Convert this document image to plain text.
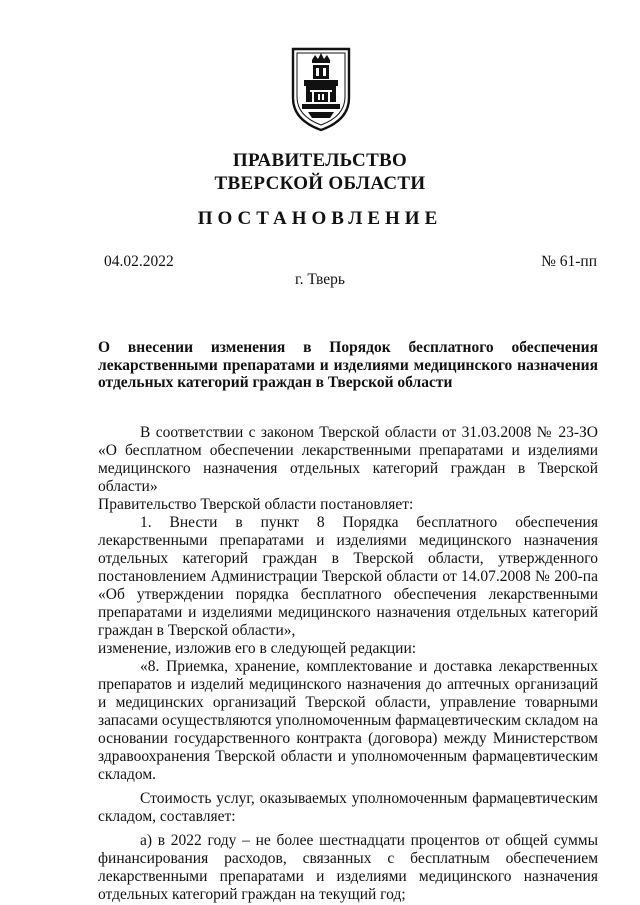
ПРАВИТЕЛЬСТВО
ТВЕРСКОЙ ОБЛАСТИ
ПОСТАНОВЛЕНИЕ
04.02.2022	№ 61-пп
г. Тверь
О внесении изменения в Порядок бесплатного обеспечения лекарственными препаратами и изделиями медицинского назначения отдельных категорий граждан в Тверской области

В соответствии с законом Тверской области от 31.03.2008 № 23-ЗО «О бесплатном обеспечении лекарственными препаратами и изделиями медицинского назначения отдельных категорий граждан в Тверской области»

Правительство Тверской области постановляет:

1. Внести в пункт 8 Порядка бесплатного обеспечения лекарственными препаратами и изделиями медицинского назначения отдельных категорий граждан в Тверской области, утвержденного постановлением Администрации Тверской области от 14.07.2008 № 200-па «Об утверждении порядка бесплатного обеспечения лекарственными препаратами и изделиями медицинского назначения отдельных категорий граждан в Тверской области»,

изменение, изложив его в следующей редакции:

«8. Приемка, хранение, комплектование и доставка лекарственных препаратов и изделий медицинского назначения до аптечных организаций и медицинских организаций Тверской области, управление товарными запасами осуществляются уполномоченным фармацевтическим складом на основании государственного контракта (договора) между Министерством здравоохранения Тверской области и уполномоченным фармацевтическим складом.

Стоимость услуг, оказываемых уполномоченным фармацевтическим складом, составляет:

а) в 2022 году – не более шестнадцати процентов от общей суммы финансирования расходов, связанных с бесплатным обеспечением лекарственными препаратами и изделиями медицинского назначения отдельных категорий граждан на текущий год;
